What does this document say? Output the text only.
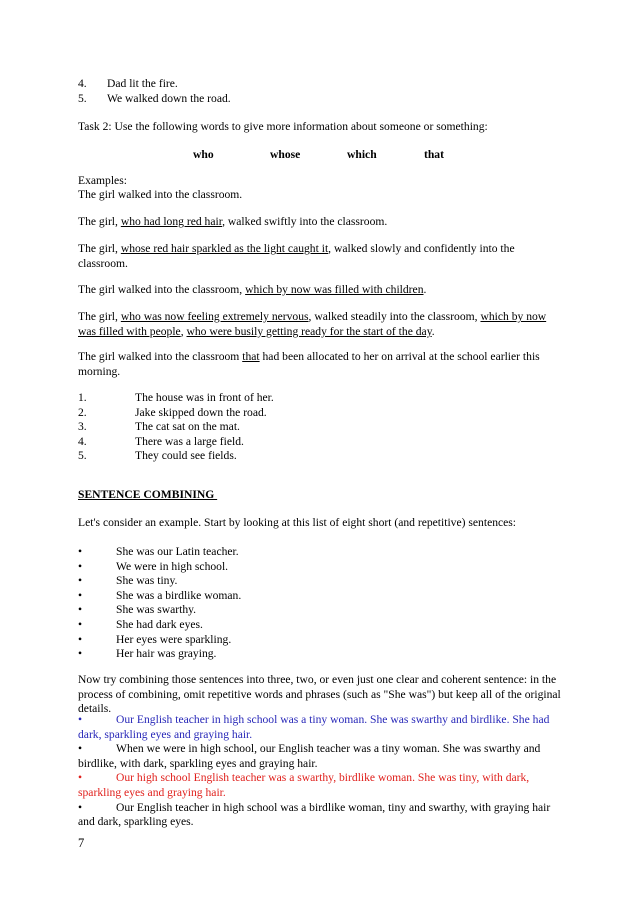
4. Dad lit the fire.
5. We walked down the road.
Task 2: Use the following words to give more information about someone or something:
who	whose	which	that
Examples:
The girl walked into the classroom.
The girl, who had long red hair, walked swiftly into the classroom.
The girl, whose red hair sparkled as the light caught it, walked slowly and confidently into the classroom.
The girl walked into the classroom, which by now was filled with children.
The girl, who was now feeling extremely nervous, walked steadily into the classroom, which by now was filled with people, who were busily getting ready for the start of the day.
The girl walked into the classroom that had been allocated to her on arrival at the school earlier this morning.
1.	The house was in front of her.
2.	Jake skipped down the road.
3.	The cat sat on the mat.
4.	There was a large field.
5.	They could see fields.
SENTENCE COMBINING
Let's consider an example. Start by looking at this list of eight short (and repetitive) sentences:
•	She was our Latin teacher.
•	We were in high school.
•	She was tiny.
•	She was a birdlike woman.
•	She was swarthy.
•	She had dark eyes.
•	Her eyes were sparkling.
•	Her hair was graying.
Now try combining those sentences into three, two, or even just one clear and coherent sentence: in the process of combining, omit repetitive words and phrases (such as "She was") but keep all of the original details.
•	Our English teacher in high school was a tiny woman. She was swarthy and birdlike. She had dark, sparkling eyes and graying hair.
•	When we were in high school, our English teacher was a tiny woman. She was swarthy and birdlike, with dark, sparkling eyes and graying hair.
•	Our high school English teacher was a swarthy, birdlike woman. She was tiny, with dark, sparkling eyes and graying hair.
•	Our English teacher in high school was a birdlike woman, tiny and swarthy, with graying hair and dark, sparkling eyes.
7
